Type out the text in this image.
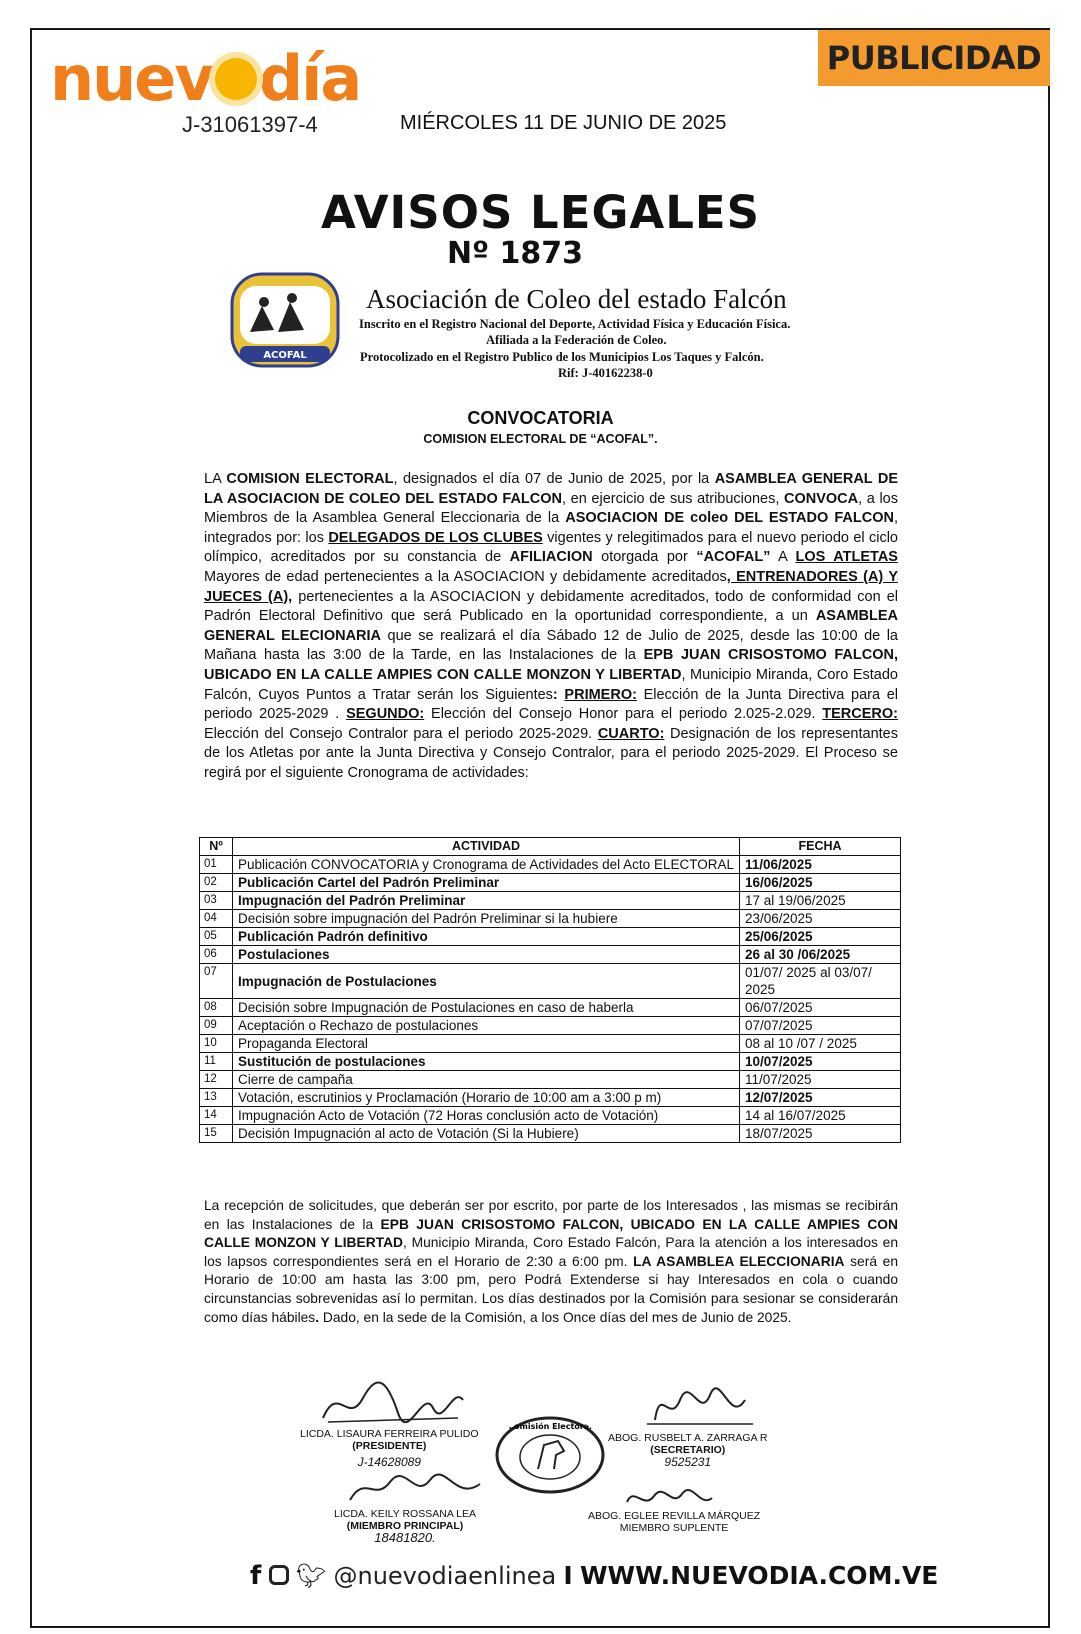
nuev día
J-31061397-4	MIÉRCOLES 11 DE JUNIO DE 2025
PUBLICIDAD
AVISOS LEGALES
Nº 1873
ACOFAL
Asociación de Coleo del estado Falcón
Inscrito en el Registro Nacional del Deporte, Actividad Física y Educación Física.
Afiliada a la Federación de Coleo.
Protocolizado en el Registro Publico de los Municipios Los Taques y Falcón.
Rif: J-40162238-0
CONVOCATORIA
COMISION ELECTORAL DE “ACOFAL”.
LA COMISION ELECTORAL, designados el día 07 de Junio de 2025, por la ASAMBLEA GENERAL DE LA ASOCIACION DE COLEO DEL ESTADO FALCON, en ejercicio de sus atribuciones, CONVOCA, a los Miembros de la Asamblea General Eleccionaria de la ASOCIACION DE coleo DEL ESTADO FALCON, integrados por: los DELEGADOS DE LOS CLUBES vigentes y relegitimados para el nuevo periodo el ciclo olímpico, acreditados por su constancia de AFILIACION otorgada por “ACOFAL” A LOS ATLETAS Mayores de edad pertenecientes a la ASOCIACION y debidamente acreditados, ENTRENADORES (A) Y JUECES (A), pertenecientes a la ASOCIACION y debidamente acreditados, todo de conformidad con el Padrón Electoral Definitivo que será Publicado en la oportunidad correspondiente, a un ASAMBLEA GENERAL ELECIONARIA que se realizará el día Sábado 12 de Julio de 2025, desde las 10:00 de la Mañana hasta las 3:00 de la Tarde, en las Instalaciones de la EPB JUAN CRISOSTOMO FALCON, UBICADO EN LA CALLE AMPIES CON CALLE MONZON Y LIBERTAD, Municipio Miranda, Coro Estado Falcón, Cuyos Puntos a Tratar serán los Siguientes: PRIMERO: Elección de la Junta Directiva para el periodo 2025-2029 . SEGUNDO: Elección del Consejo Honor para el periodo 2.025-2.029. TERCERO: Elección del Consejo Contralor para el periodo 2025-2029. CUARTO: Designación de los representantes de los Atletas por ante la Junta Directiva y Consejo Contralor, para el periodo 2025-2029. El Proceso se regirá por el siguiente Cronograma de actividades:
Nº	ACTIVIDAD	FECHA
01	Publicación CONVOCATORIA y Cronograma de Actividades del Acto ELECTORAL	11/06/2025
02	Publicación Cartel del Padrón Preliminar	16/06/2025
03	Impugnación del Padrón Preliminar	17 al 19/06/2025
04	Decisión sobre impugnación del Padrón Preliminar si la hubiere	23/06/2025
05	Publicación Padrón definitivo	25/06/2025
06	Postulaciones	26 al 30 /06/2025
07	Impugnación de Postulaciones	01/07/ 2025 al 03/07/ 2025
08	Decisión sobre Impugnación de Postulaciones en caso de haberla	06/07/2025
09	Aceptación o Rechazo de postulaciones	07/07/2025
10	Propaganda Electoral	08 al 10 /07 / 2025
11	Sustitución de postulaciones	10/07/2025
12	Cierre de campaña	11/07/2025
13	Votación, escrutinios y Proclamación (Horario de 10:00 am a 3:00 p m)	12/07/2025
14	Impugnación Acto de Votación (72 Horas conclusión acto de Votación)	14 al 16/07/2025
15	Decisión Impugnación al acto de Votación (Si la Hubiere)	18/07/2025
La recepción de solicitudes, que deberán ser por escrito, por parte de los Interesados , las mismas se recibirán en las Instalaciones de la EPB JUAN CRISOSTOMO FALCON, UBICADO EN LA CALLE AMPIES CON CALLE MONZON Y LIBERTAD, Municipio Miranda, Coro Estado Falcón, Para la atención a los interesados en los lapsos correspondientes será en el Horario de 2:30 a 6:00 pm. LA ASAMBLEA ELECCIONARIA será en Horario de 10:00 am hasta las 3:00 pm, pero Podrá Extenderse si hay Interesados en cola o cuando circunstancias sobrevenidas así lo permitan. Los días destinados por la Comisión para sesionar se considerarán como días hábiles. Dado, en la sede de la Comisión, a los Once días del mes de Junio de 2025.
LICDA. LISAURA FERREIRA PULIDO
(PRESIDENTE)
J-14628089
ABOG. RUSBELT A. ZARRAGA R
(SECRETARIO)
9525231
LICDA. KEILY ROSSANA LEA
(MIEMBRO PRINCIPAL)
18481820.
Comisión Electoral
ABOG. EGLEE REVILLA MÁRQUEZ
MIEMBRO SUPLENTE
f 🐦︎ @nuevodiaenlinea I WWW.NUEVODIA.COM.VE
